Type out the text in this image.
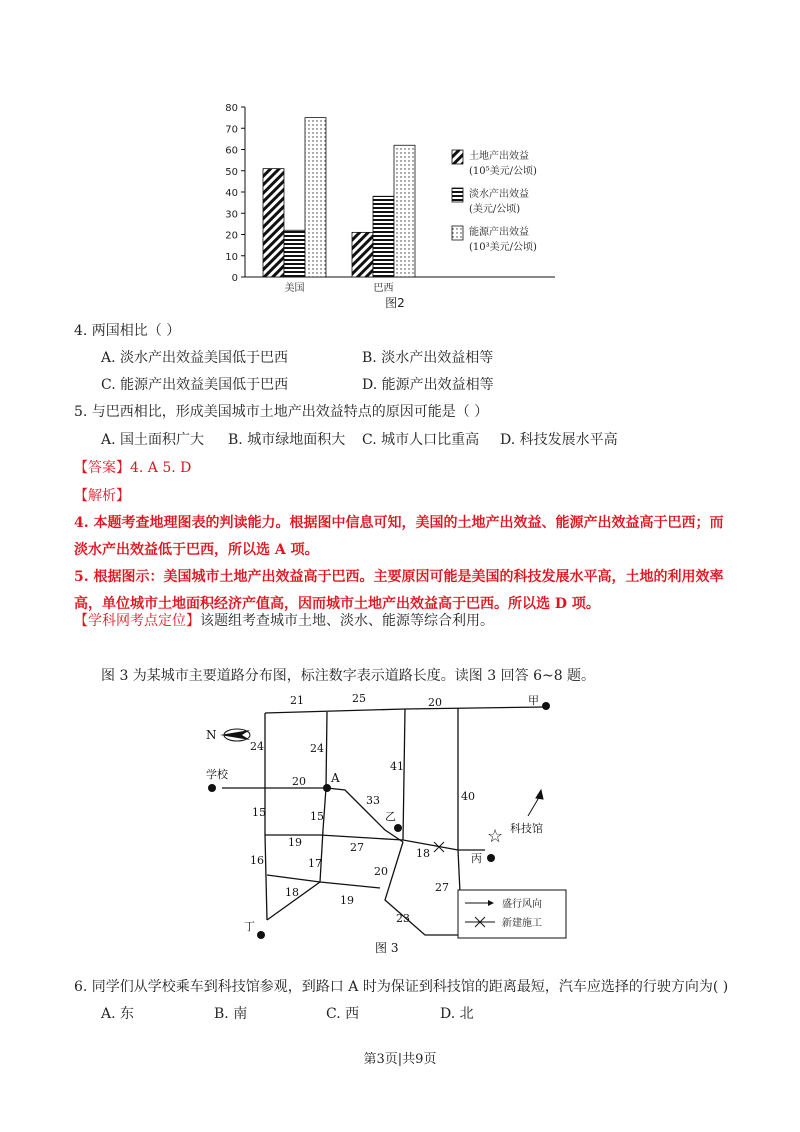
0
10
20
30
40
50
60
70
80
美国	巴西
土地产出效益
(10⁵美元/公顷)
淡水产出效益
(美元/公顷)
能源产出效益
(10³美元/公顷)
图2
4. 两国相比（ ）
A. 淡水产出效益美国低于巴西	B. 淡水产出效益相等
C. 能源产出效益美国低于巴西	D. 能源产出效益相等
5. 与巴西相比，形成美国城市土地产出效益特点的原因可能是（ ）
A. 国土面积广大 B. 城市绿地面积大 C. 城市人口比重高 D. 科技发展水平高
【答案】4. A 5. D
【解析】
4. 本题考查地理图表的判读能力。根据图中信息可知，美国的土地产出效益、能源产出效益高于巴西；而
淡水产出效益低于巴西，所以选 A 项。
5. 根据图示：美国城市土地产出效益高于巴西。主要原因可能是美国的科技发展水平高，土地的利用效率
高，单位城市土地面积经济产值高，因而城市土地产出效益高于巴西。所以选 D 项。
【学科网考点定位】该题组考查城市土地、淡水、能源等综合利用。
图 3 为某城市主要道路分布图，标注数字表示道路长度。读图 3 回答 6~8 题。
N
甲
学校	A
乙
丙
丁
☆ 科技馆
21	25	20
24	24
41
20
33	40
15	15
19	27	18
16	17
20
27
18
19
23
盛行风向
新建施工
图 3
6. 同学们从学校乘车到科技馆参观，到路口 A 时为保证到科技馆的距离最短，汽车应选择的行驶方向为( )
A. 东	B. 南	C. 西	D. 北
第3页|共9页
